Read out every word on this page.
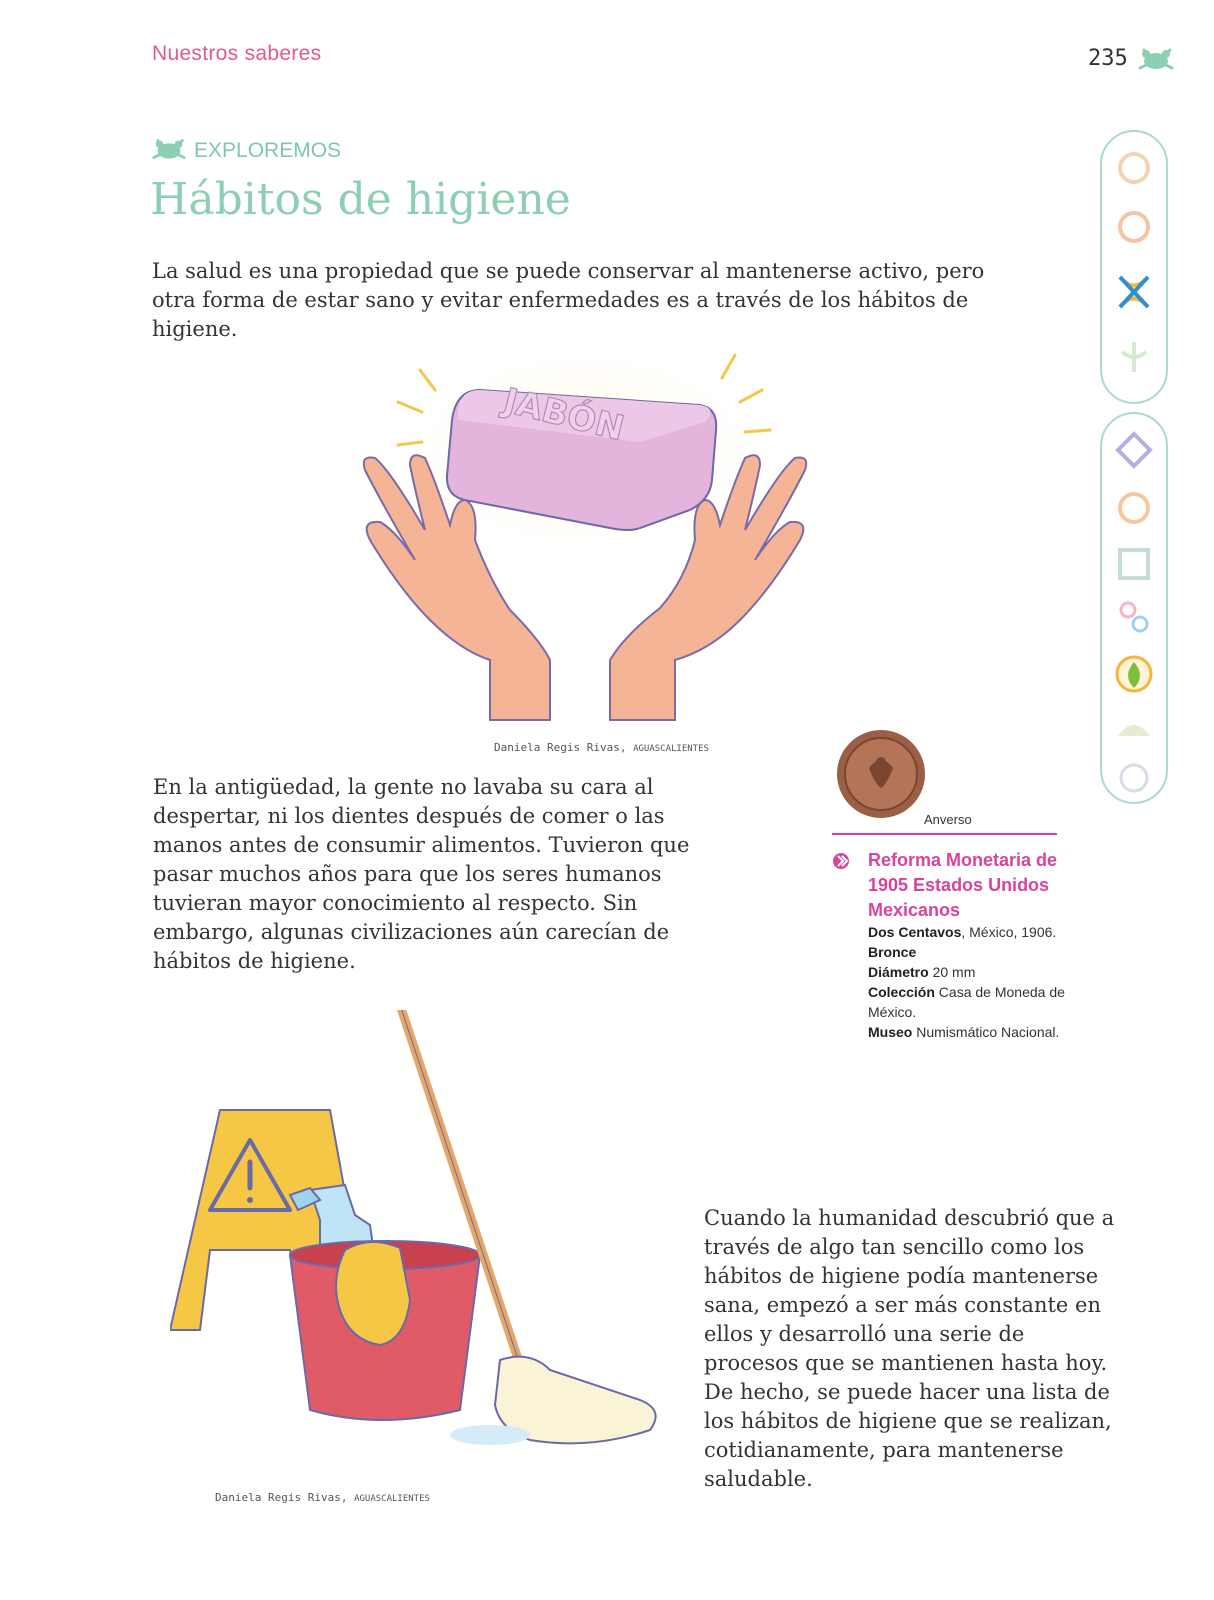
Nuestros saberes	235
EXPLOREMOS
Hábitos de higiene

La salud es una propiedad que se puede conservar al mantenerse activo, pero otra forma de estar sano y evitar enfermedades es a través de los hábitos de higiene.

JABÓN
Daniela Regis Rivas, AGUASCALIENTES

En la antigüedad, la gente no lavaba su cara al despertar, ni los dientes después de comer o las manos antes de consumir alimentos. Tuvieron que pasar muchos años para que los seres humanos tuvieran mayor conocimiento al respecto. Sin embargo, algunas civilizaciones aún carecían de hábitos de higiene.

Anverso
Reforma Monetaria de 1905 Estados Unidos Mexicanos
Dos Centavos, México, 1906.
Bronce
Diámetro 20 mm
Colección Casa de Moneda de México.
Museo Numismático Nacional.
Daniela Regis Rivas, AGUASCALIENTES

Cuando la humanidad descubrió que a través de algo tan sencillo como los hábitos de higiene podía mantenerse sana, empezó a ser más constante en ellos y desarrolló una serie de procesos que se mantienen hasta hoy. De hecho, se puede hacer una lista de los hábitos de higiene que se realizan, cotidianamente, para mantenerse saludable.
